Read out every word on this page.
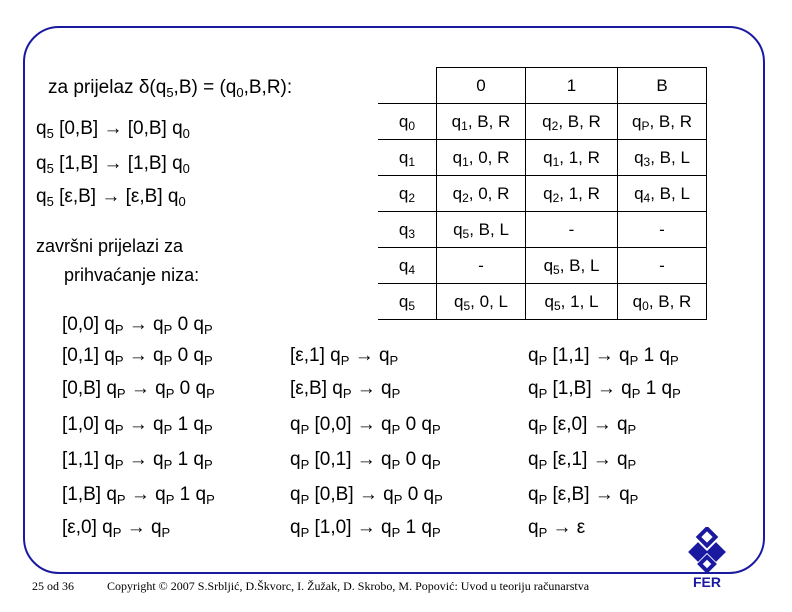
za prijelaz $\delta(q_5,B) = (q_0,B,R)$:
$q_5$ [0,B] → [0,B] $q_0$
$q_5$ [1,B] → [1,B] $q_0$
$q_5$ [ε,B] → [ε,B] $q_0$
završni prijelazi za
prihvaćanje niza:
	0	1	B
$q_0$	$q_1$, B, R	$q_2$, B, R	$q_P$, B, R
$q_1$	$q_1$, 0, R	$q_1$, 1, R	$q_3$, B, L
$q_2$	$q_2$, 0, R	$q_2$, 1, R	$q_4$, B, L
$q_3$	$q_5$, B, L	-	-
$q_4$	-	$q_5$, B, L	-
$q_5$	$q_5$, 0, L	$q_5$, 1, L	$q_0$, B, R
[0,0] $q_P \to q_P$ 0 $q_P$
[0,1] $q_P \to q_P$ 0 $q_P$
[0,B] $q_P \to q_P$ 0 $q_P$
[1,0] $q_P \to q_P$ 1 $q_P$
[1,1] $q_P \to q_P$ 1 $q_P$
[1,B] $q_P \to q_P$ 1 $q_P$
[ε,0] $q_P \to q_P$
[ε,1] $q_P \to q_P$
[ε,B] $q_P \to q_P$
$q_P$ $[0,0] \to q_P$ 0 $q_P$
$q_P$ $[0,1] \to q_P$ 0 $q_P$
$q_P$ $[0,B] \to q_P$ 0 $q_P$
$q_P$ $[1,0] \to q_P$ 1 $q_P$
$q_P$ $[1,1] \to q_P$ 1 $q_P$
$q_P$ $[1,B] \to q_P$ 1 $q_P$
$q_P$ $[\varepsilon,0] \to q_P$
$q_P$ $[\varepsilon,1] \to q_P$
$q_P$ $[\varepsilon,B] \to q_P$
$q_P \to \varepsilon$
25 od 36	Copyright © 2007 S.Srbljić, D.Škvorc, I. Žužak, D. Skrobo, M. Popović: Uvod u teoriju računarstva	FER
